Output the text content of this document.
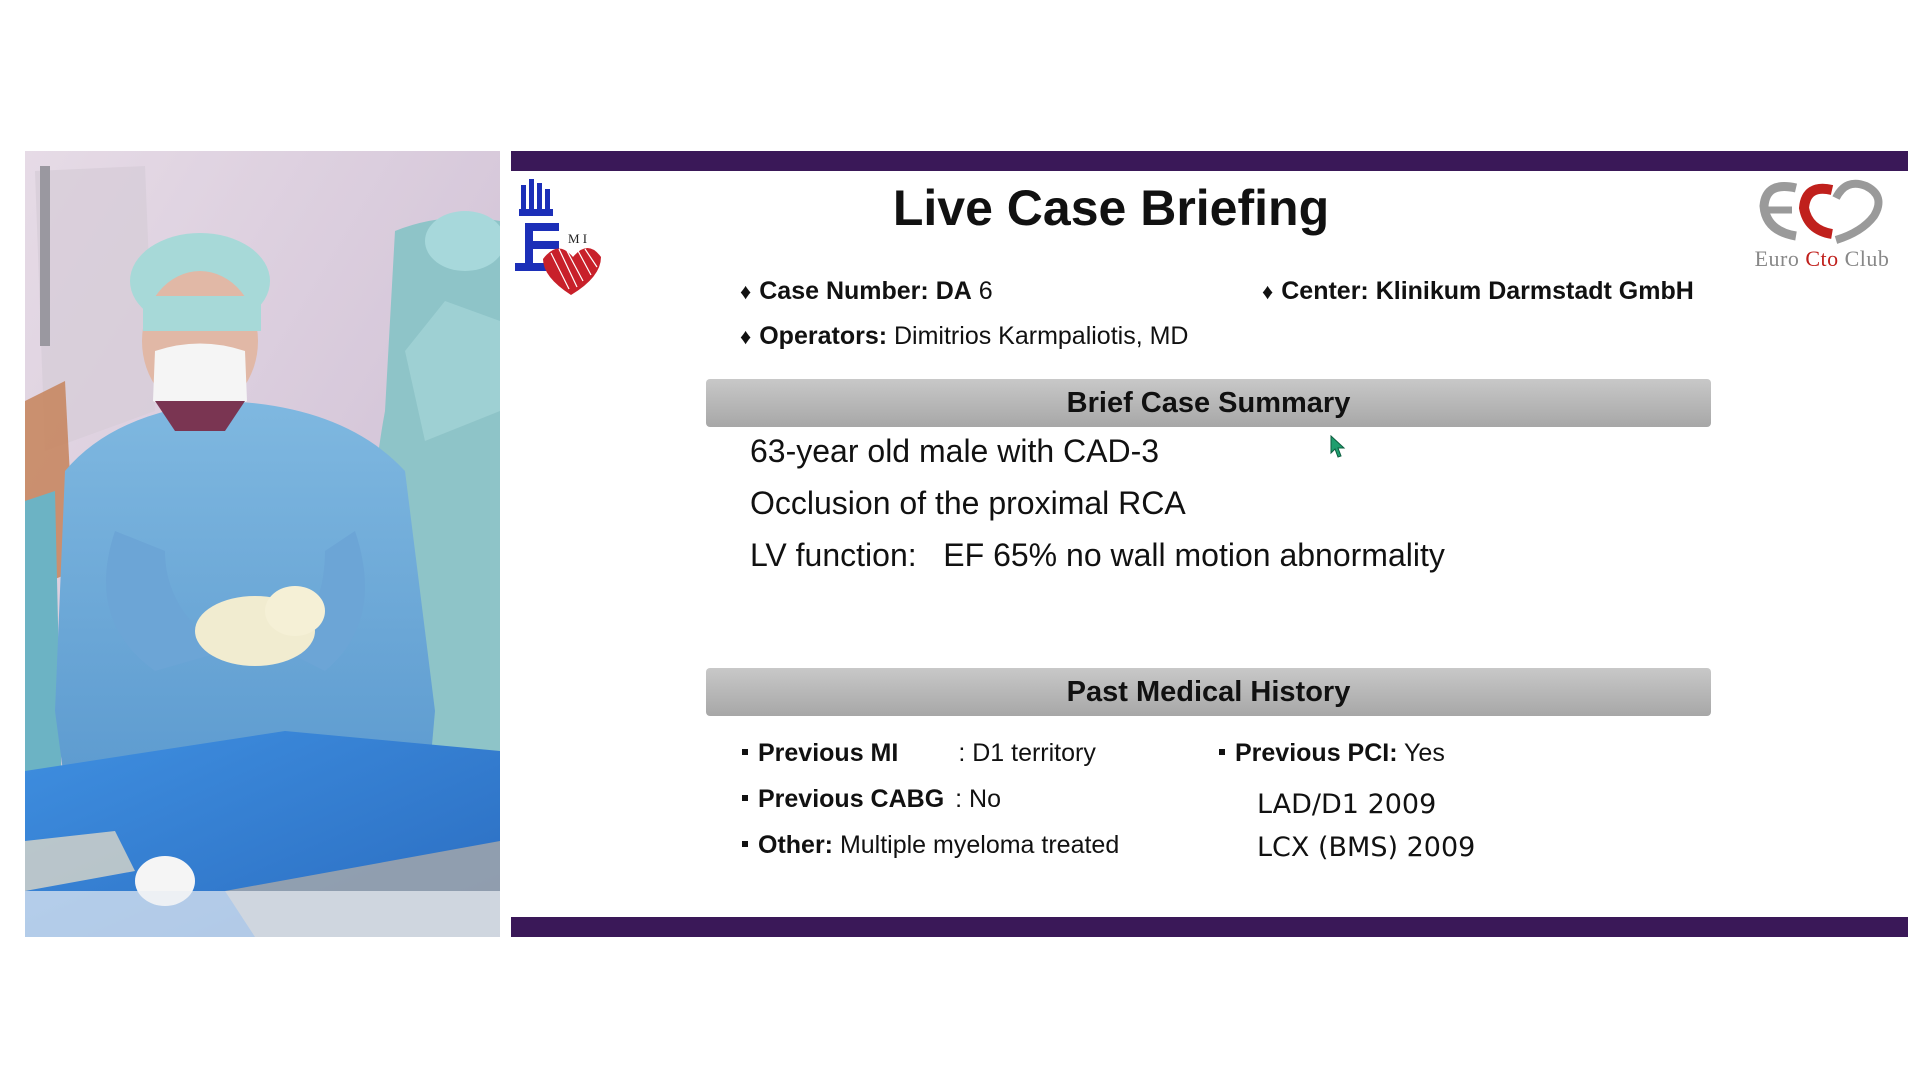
M I
Live Case Briefing
Euro Cto Club
♦ Case Number: DA 6	♦ Center: Klinikum Darmstadt GmbH
♦ Operators: Dimitrios Karmpaliotis, MD
Brief Case Summary
63-year old male with CAD-3
Occlusion of the proximal RCA
LV function:   EF 65% no wall motion abnormality
Past Medical History
Previous MI : D1 territory
Previous CABG : No
Other: Multiple myeloma treated
Previous PCI: Yes
LAD/D1 2009
LCX (BMS) 2009
